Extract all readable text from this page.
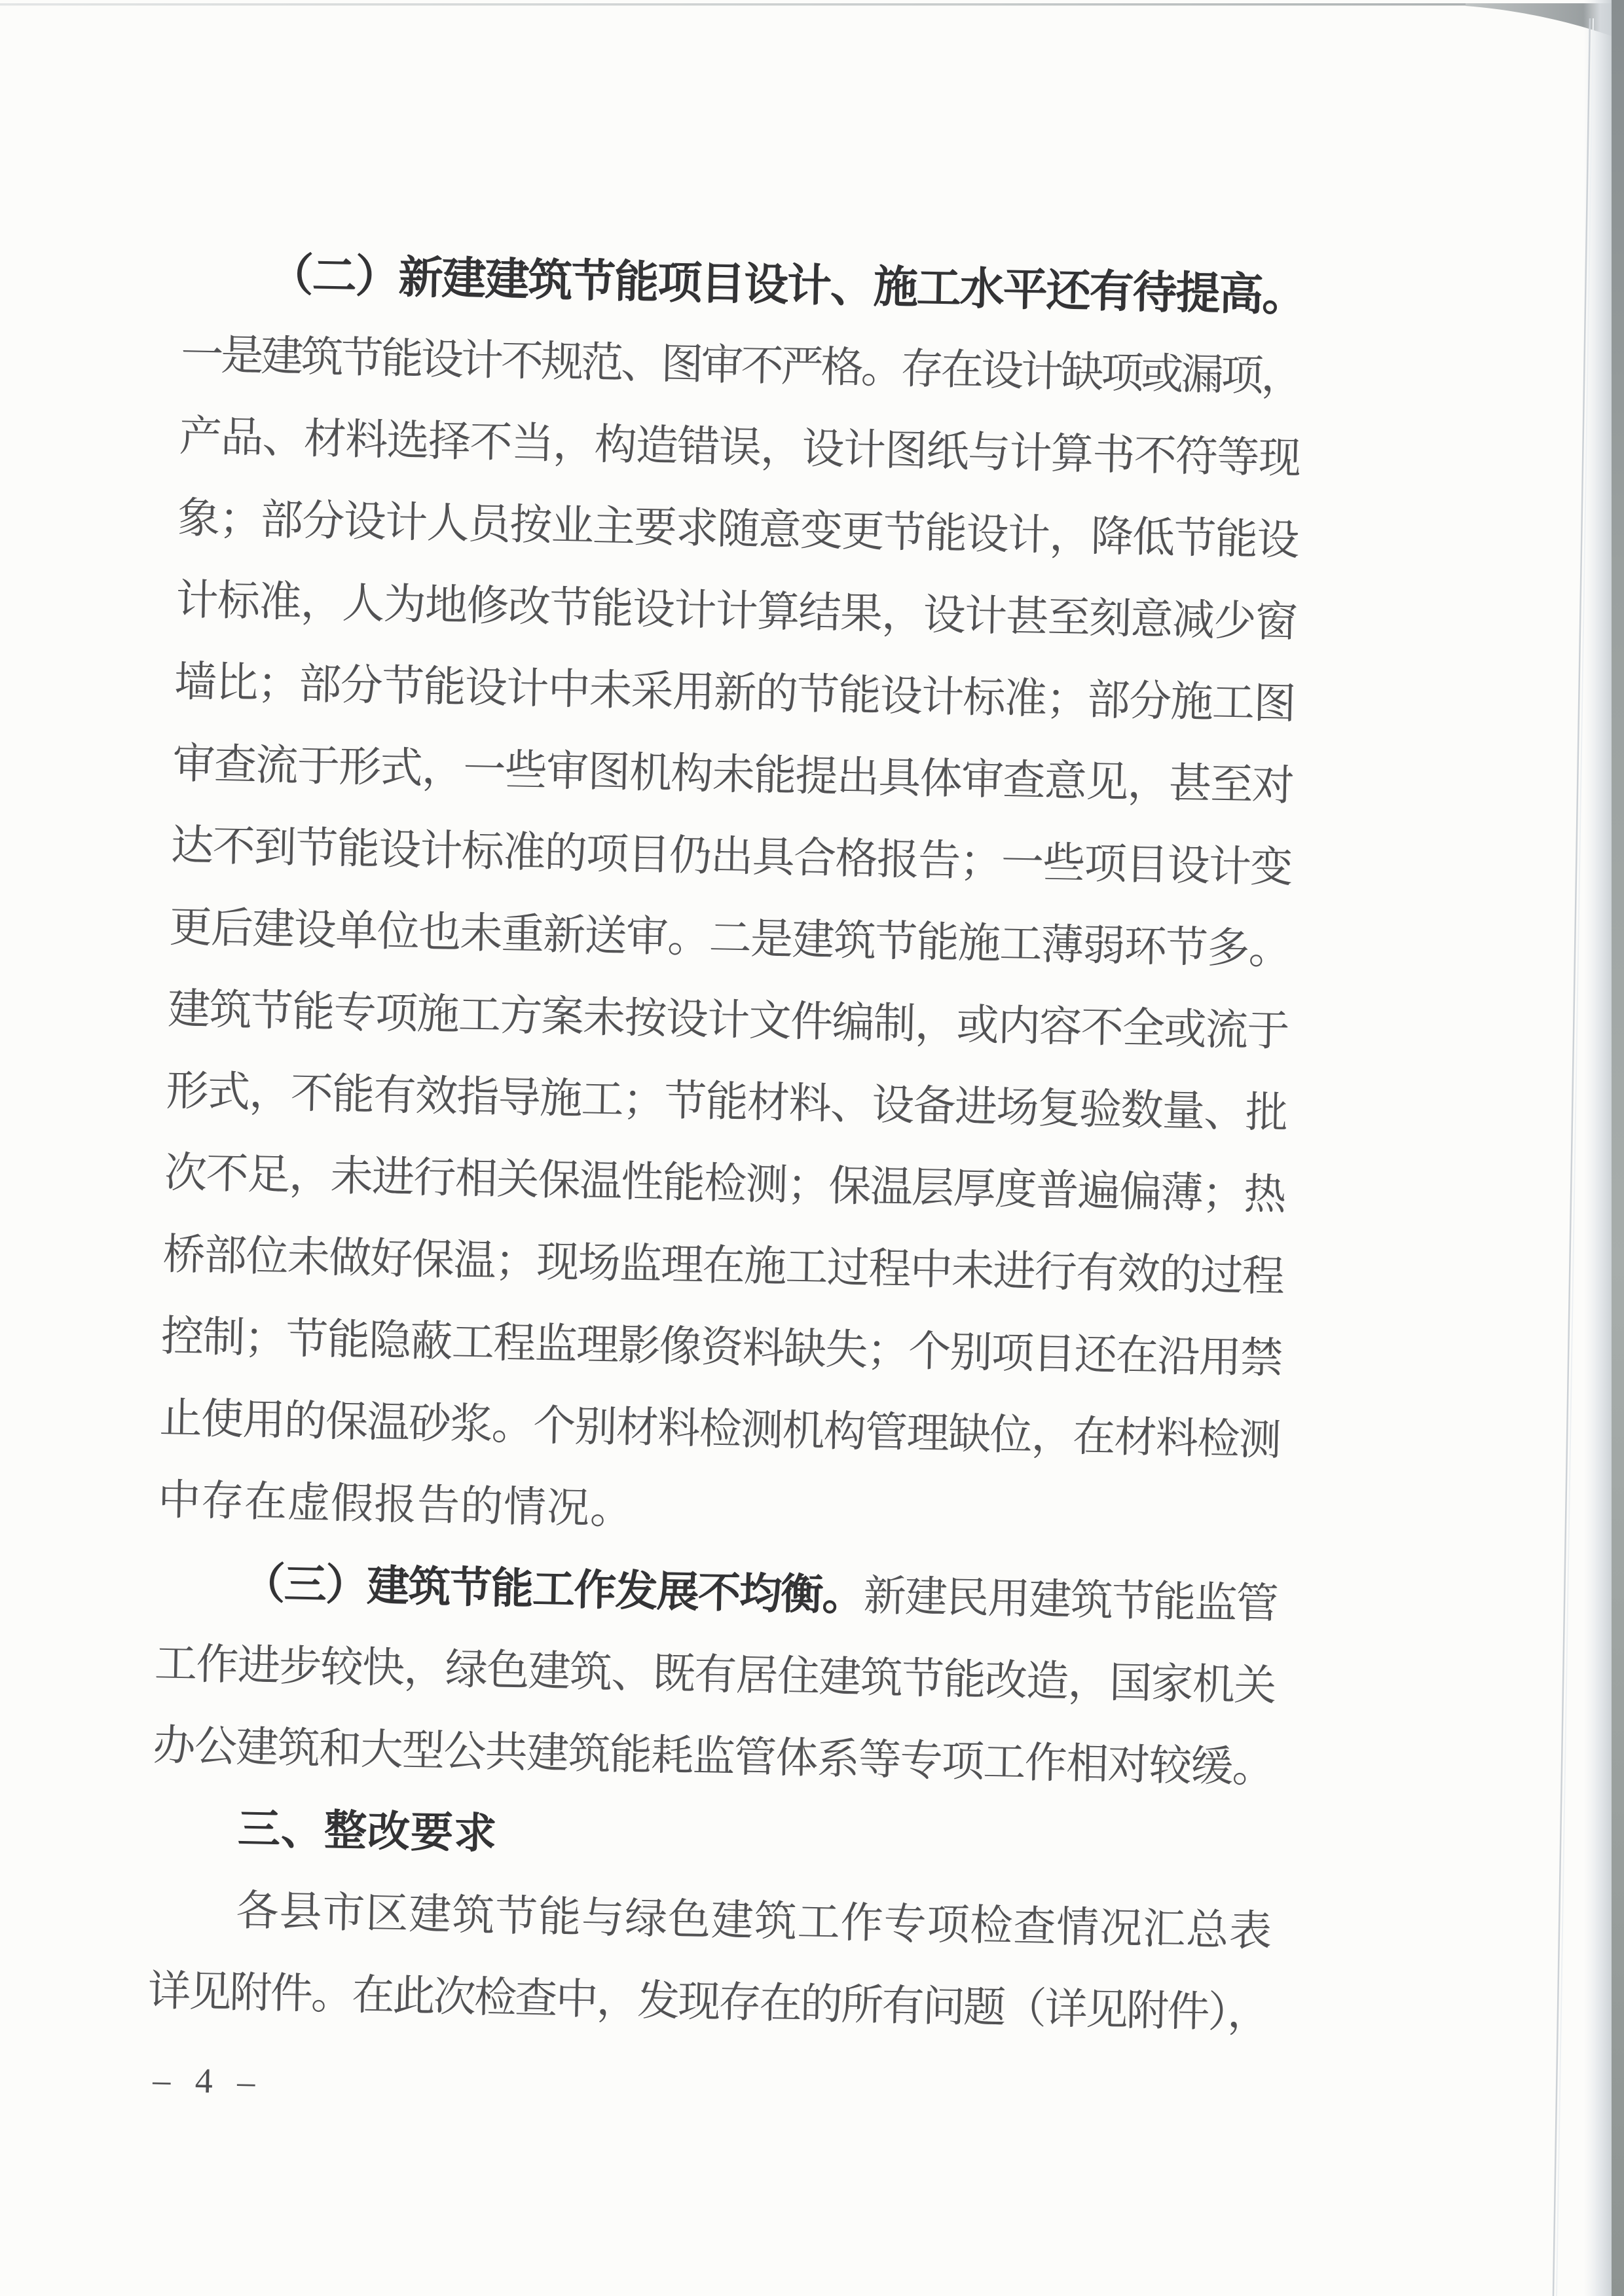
（二）新建建筑节能项目设计、施工水平还有待提高。
一是建筑节能设计不规范、图审不严格。存在设计缺项或漏项，
产品、材料选择不当，构造错误，设计图纸与计算书不符等现
象；部分设计人员按业主要求随意变更节能设计，降低节能设
计标准，人为地修改节能设计计算结果，设计甚至刻意减少窗
墙比；部分节能设计中未采用新的节能设计标准；部分施工图
审查流于形式，一些审图机构未能提出具体审查意见，甚至对
达不到节能设计标准的项目仍出具合格报告；一些项目设计变
更后建设单位也未重新送审。二是建筑节能施工薄弱环节多。
建筑节能专项施工方案未按设计文件编制，或内容不全或流于
形式，不能有效指导施工；节能材料、设备进场复验数量、批
次不足，未进行相关保温性能检测；保温层厚度普遍偏薄；热
桥部位未做好保温；现场监理在施工过程中未进行有效的过程
控制；节能隐蔽工程监理影像资料缺失；个别项目还在沿用禁
止使用的保温砂浆。个别材料检测机构管理缺位，在材料检测
中存在虚假报告的情况。
（三）建筑节能工作发展不均衡。新建民用建筑节能监管
工作进步较快，绿色建筑、既有居住建筑节能改造，国家机关
办公建筑和大型公共建筑能耗监管体系等专项工作相对较缓。
三、整改要求
各县市区建筑节能与绿色建筑工作专项检查情况汇总表
详见附件。在此次检查中，发现存在的所有问题（详见附件），
– 4 –
